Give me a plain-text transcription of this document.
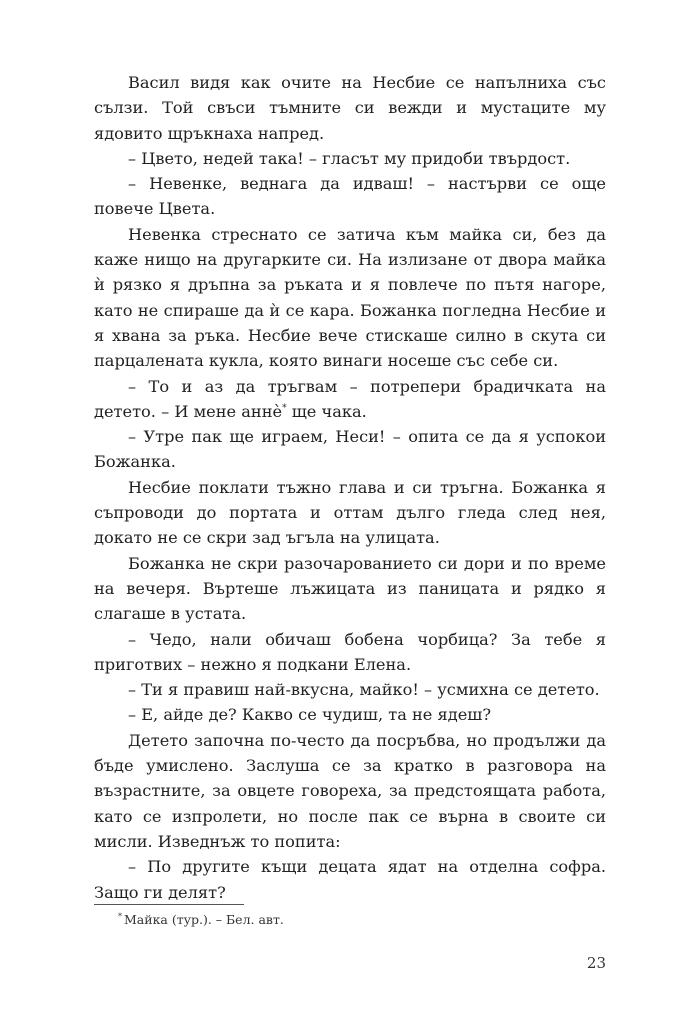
Васил видя как очите на Несбие се напълниха със сълзи. Той свъси тъмните си вежди и мустаците му ядовито щръкнаха напред.

– Цвето, недей така! – гласът му придоби твърдост.

– Невенке, веднага да идваш! – настърви се още повече Цвета.

Невенка стреснато се затича към майка си, без да каже нищо на другарките си. На излизане от двора майка ѝ рязко я дръпна за ръката и я повлече по пътя нагоре, като не спираше да ѝ се кара. Божанка погледна Несбие и я хвана за ръка. Несбие вече стискаше силно в скута си парцалената кукла, която винаги носеше със себе си.

– То и аз да тръгвам – потрепери брадичката на детето. – И мене аннѐ* ще чака.

– Утре пак ще играем, Неси! – опита се да я успокои Божанка.

Несбие поклати тъжно глава и си тръгна. Божанка я съпроводи до портата и оттам дълго гледа след нея, докато не се скри зад ъгъла на улицата.

Божанка не скри разочарованието си дори и по време на вечеря. Въртеше лъжицата из паницата и рядко я слагаше в устата.

– Чедо, нали обичаш бобена чорбица? За тебе я приготвих – нежно я подкани Елена.

– Ти я правиш най-вкусна, майко! – усмихна се детето.

– Е, айде де? Какво се чудиш, та не ядеш?

Детето започна по-често да посръбва, но продължи да бъде умислено. Заслуша се за кратко в разговора на възрастните, за овцете говореха, за предстоящата работа, като се изпролети, но после пак се върна в своите си мисли. Изведнъж то попита:

– По другите къщи децата ядат на отделна софра. Защо ги делят?

* Майка (тур.). – Бел. авт.
23
